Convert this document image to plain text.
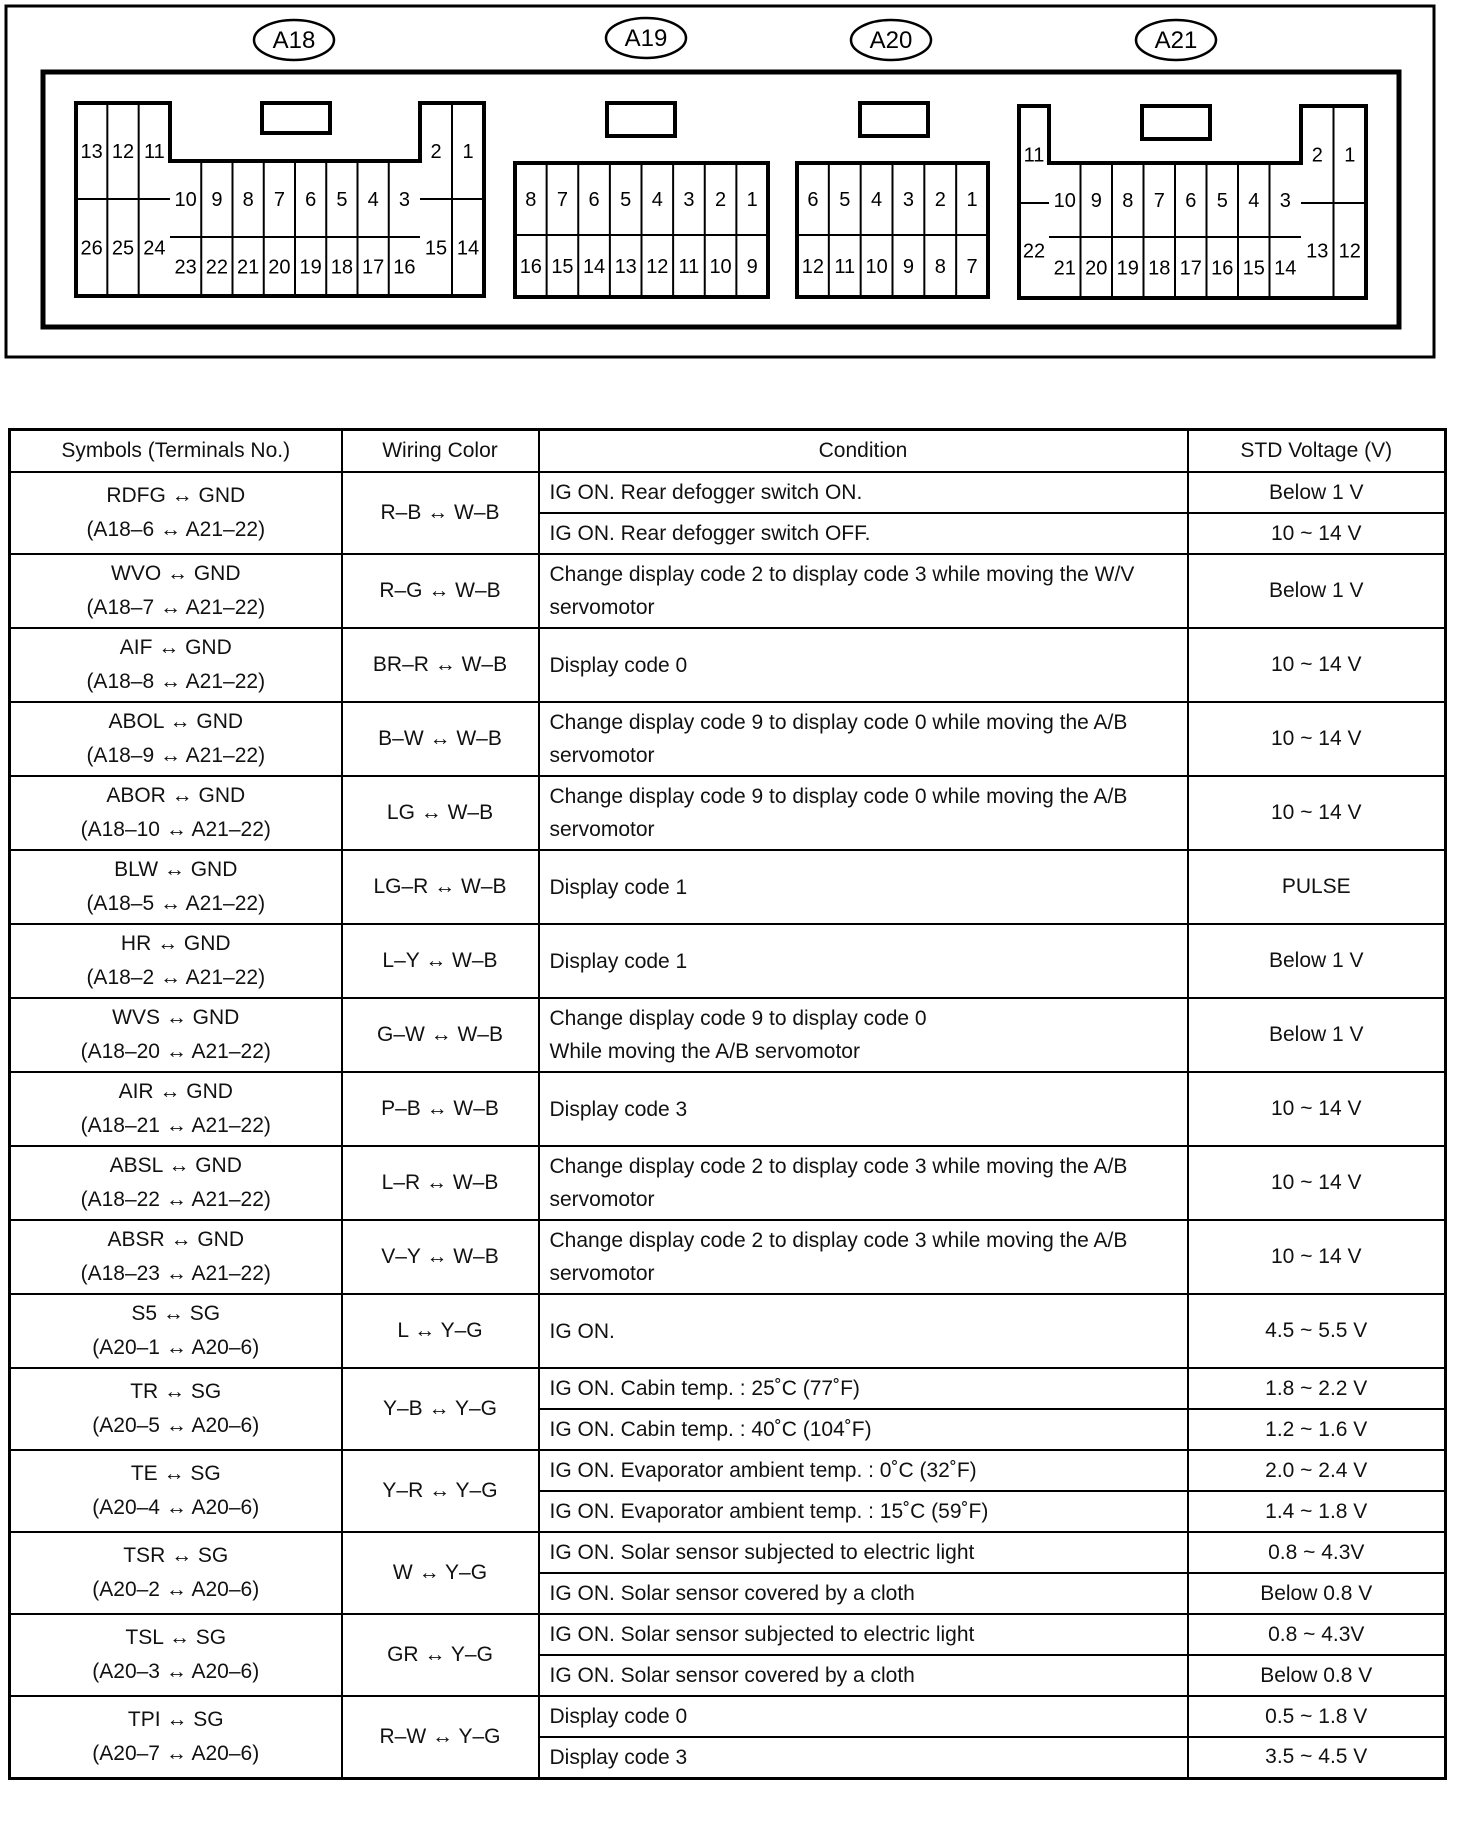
A18	A19	A20	A21
13 12 11
26 25 24
10 9 8 7 6 5 4 3
23 22 21 20 19 18 17 16
2 1
15 14
8 7 6 5 4 3 2 1
16 15 14 13 12 11 10 9
6 5 4 3 2 1
12 11 10 9 8 7
11
22
10 9 8 7 6 5 4 3
21 20 19 18 17 16 15 14
2 1
13 12
Symbols (Terminals No.)	Wiring Color	Condition	STD Voltage (V)

RDFG ↔ GND
(A18–6 ↔ A21–22)	R–B ↔ W–B	IG ON. Rear defogger switch ON.	Below 1 V
		IG ON. Rear defogger switch OFF.	10 ~ 14 V

WVO ↔ GND
(A18–7 ↔ A21–22)	R–G ↔ W–B	Change display code 2 to display code 3 while moving the W/V servomotor	Below 1 V

AIF ↔ GND
(A18–8 ↔ A21–22)	BR–R ↔ W–B	Display code 0	10 ~ 14 V

ABOL ↔ GND
(A18–9 ↔ A21–22)	B–W ↔ W–B	Change display code 9 to display code 0 while moving the A/B servomotor	10 ~ 14 V

ABOR ↔ GND
(A18–10 ↔ A21–22)	LG ↔ W–B	Change display code 9 to display code 0 while moving the A/B servomotor	10 ~ 14 V

BLW ↔ GND
(A18–5 ↔ A21–22)	LG–R ↔ W–B	Display code 1	PULSE

HR ↔ GND
(A18–2 ↔ A21–22)	L–Y ↔ W–B	Display code 1	Below 1 V

WVS ↔ GND
(A18–20 ↔ A21–22)	G–W ↔ W–B	Change display code 9 to display code 0
While moving the A/B servomotor	Below 1 V

AIR ↔ GND
(A18–21 ↔ A21–22)	P–B ↔ W–B	Display code 3	10 ~ 14 V

ABSL ↔ GND
(A18–22 ↔ A21–22)	L–R ↔ W–B	Change display code 2 to display code 3 while moving the A/B servomotor	10 ~ 14 V

ABSR ↔ GND
(A18–23 ↔ A21–22)	V–Y ↔ W–B	Change display code 2 to display code 3 while moving the A/B servomotor	10 ~ 14 V

S5 ↔ SG
(A20–1 ↔ A20–6)	L ↔ Y–G	IG ON.	4.5 ~ 5.5 V

TR ↔ SG
(A20–5 ↔ A20–6)	Y–B ↔ Y–G	IG ON. Cabin temp. : 25˚C (77˚F)	1.8 ~ 2.2 V
		IG ON. Cabin temp. : 40˚C (104˚F)	1.2 ~ 1.6 V

TE ↔ SG
(A20–4 ↔ A20–6)	Y–R ↔ Y–G	IG ON. Evaporator ambient temp. : 0˚C (32˚F)	2.0 ~ 2.4 V
		IG ON. Evaporator ambient temp. : 15˚C (59˚F)	1.4 ~ 1.8 V

TSR ↔ SG
(A20–2 ↔ A20–6)	W ↔ Y–G	IG ON. Solar sensor subjected to electric light	0.8 ~ 4.3V
		IG ON. Solar sensor covered by a cloth	Below 0.8 V

TSL ↔ SG
(A20–3 ↔ A20–6)	GR ↔ Y–G	IG ON. Solar sensor subjected to electric light	0.8 ~ 4.3V
		IG ON. Solar sensor covered by a cloth	Below 0.8 V

TPI ↔ SG
(A20–7 ↔ A20–6)	R–W ↔ Y–G	Display code 0	0.5 ~ 1.8 V
		Display code 3	3.5 ~ 4.5 V
